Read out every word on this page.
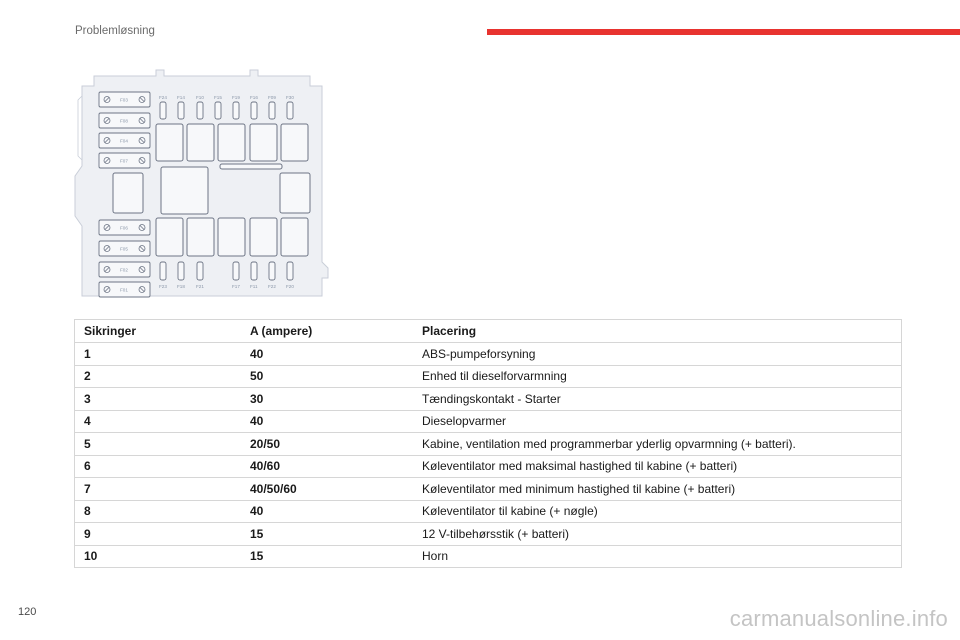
Problemløsning
F03
F08
F04
F07
F06
F05
F02
F01
F24 F14 F10 F15 F19 F16 F09 F30
F23 F18 F21	F17 F11 F22 F20
Sikringer	A (ampere)	Placering
1	40	ABS-pumpeforsyning
2	50	Enhed til dieselforvarmning
3	30	Tændingskontakt - Starter
4	40	Dieselopvarmer
5	20/50	Kabine, ventilation med programmerbar yderlig opvarmning (+ batteri).
6	40/60	Køleventilator med maksimal hastighed til kabine (+ batteri)
7	40/50/60	Køleventilator med minimum hastighed til kabine (+ batteri)
8	40	Køleventilator til kabine (+ nøgle)
9	15	12 V-tilbehørsstik (+ batteri)
10	15	Horn
120	carmanualsonline.info
